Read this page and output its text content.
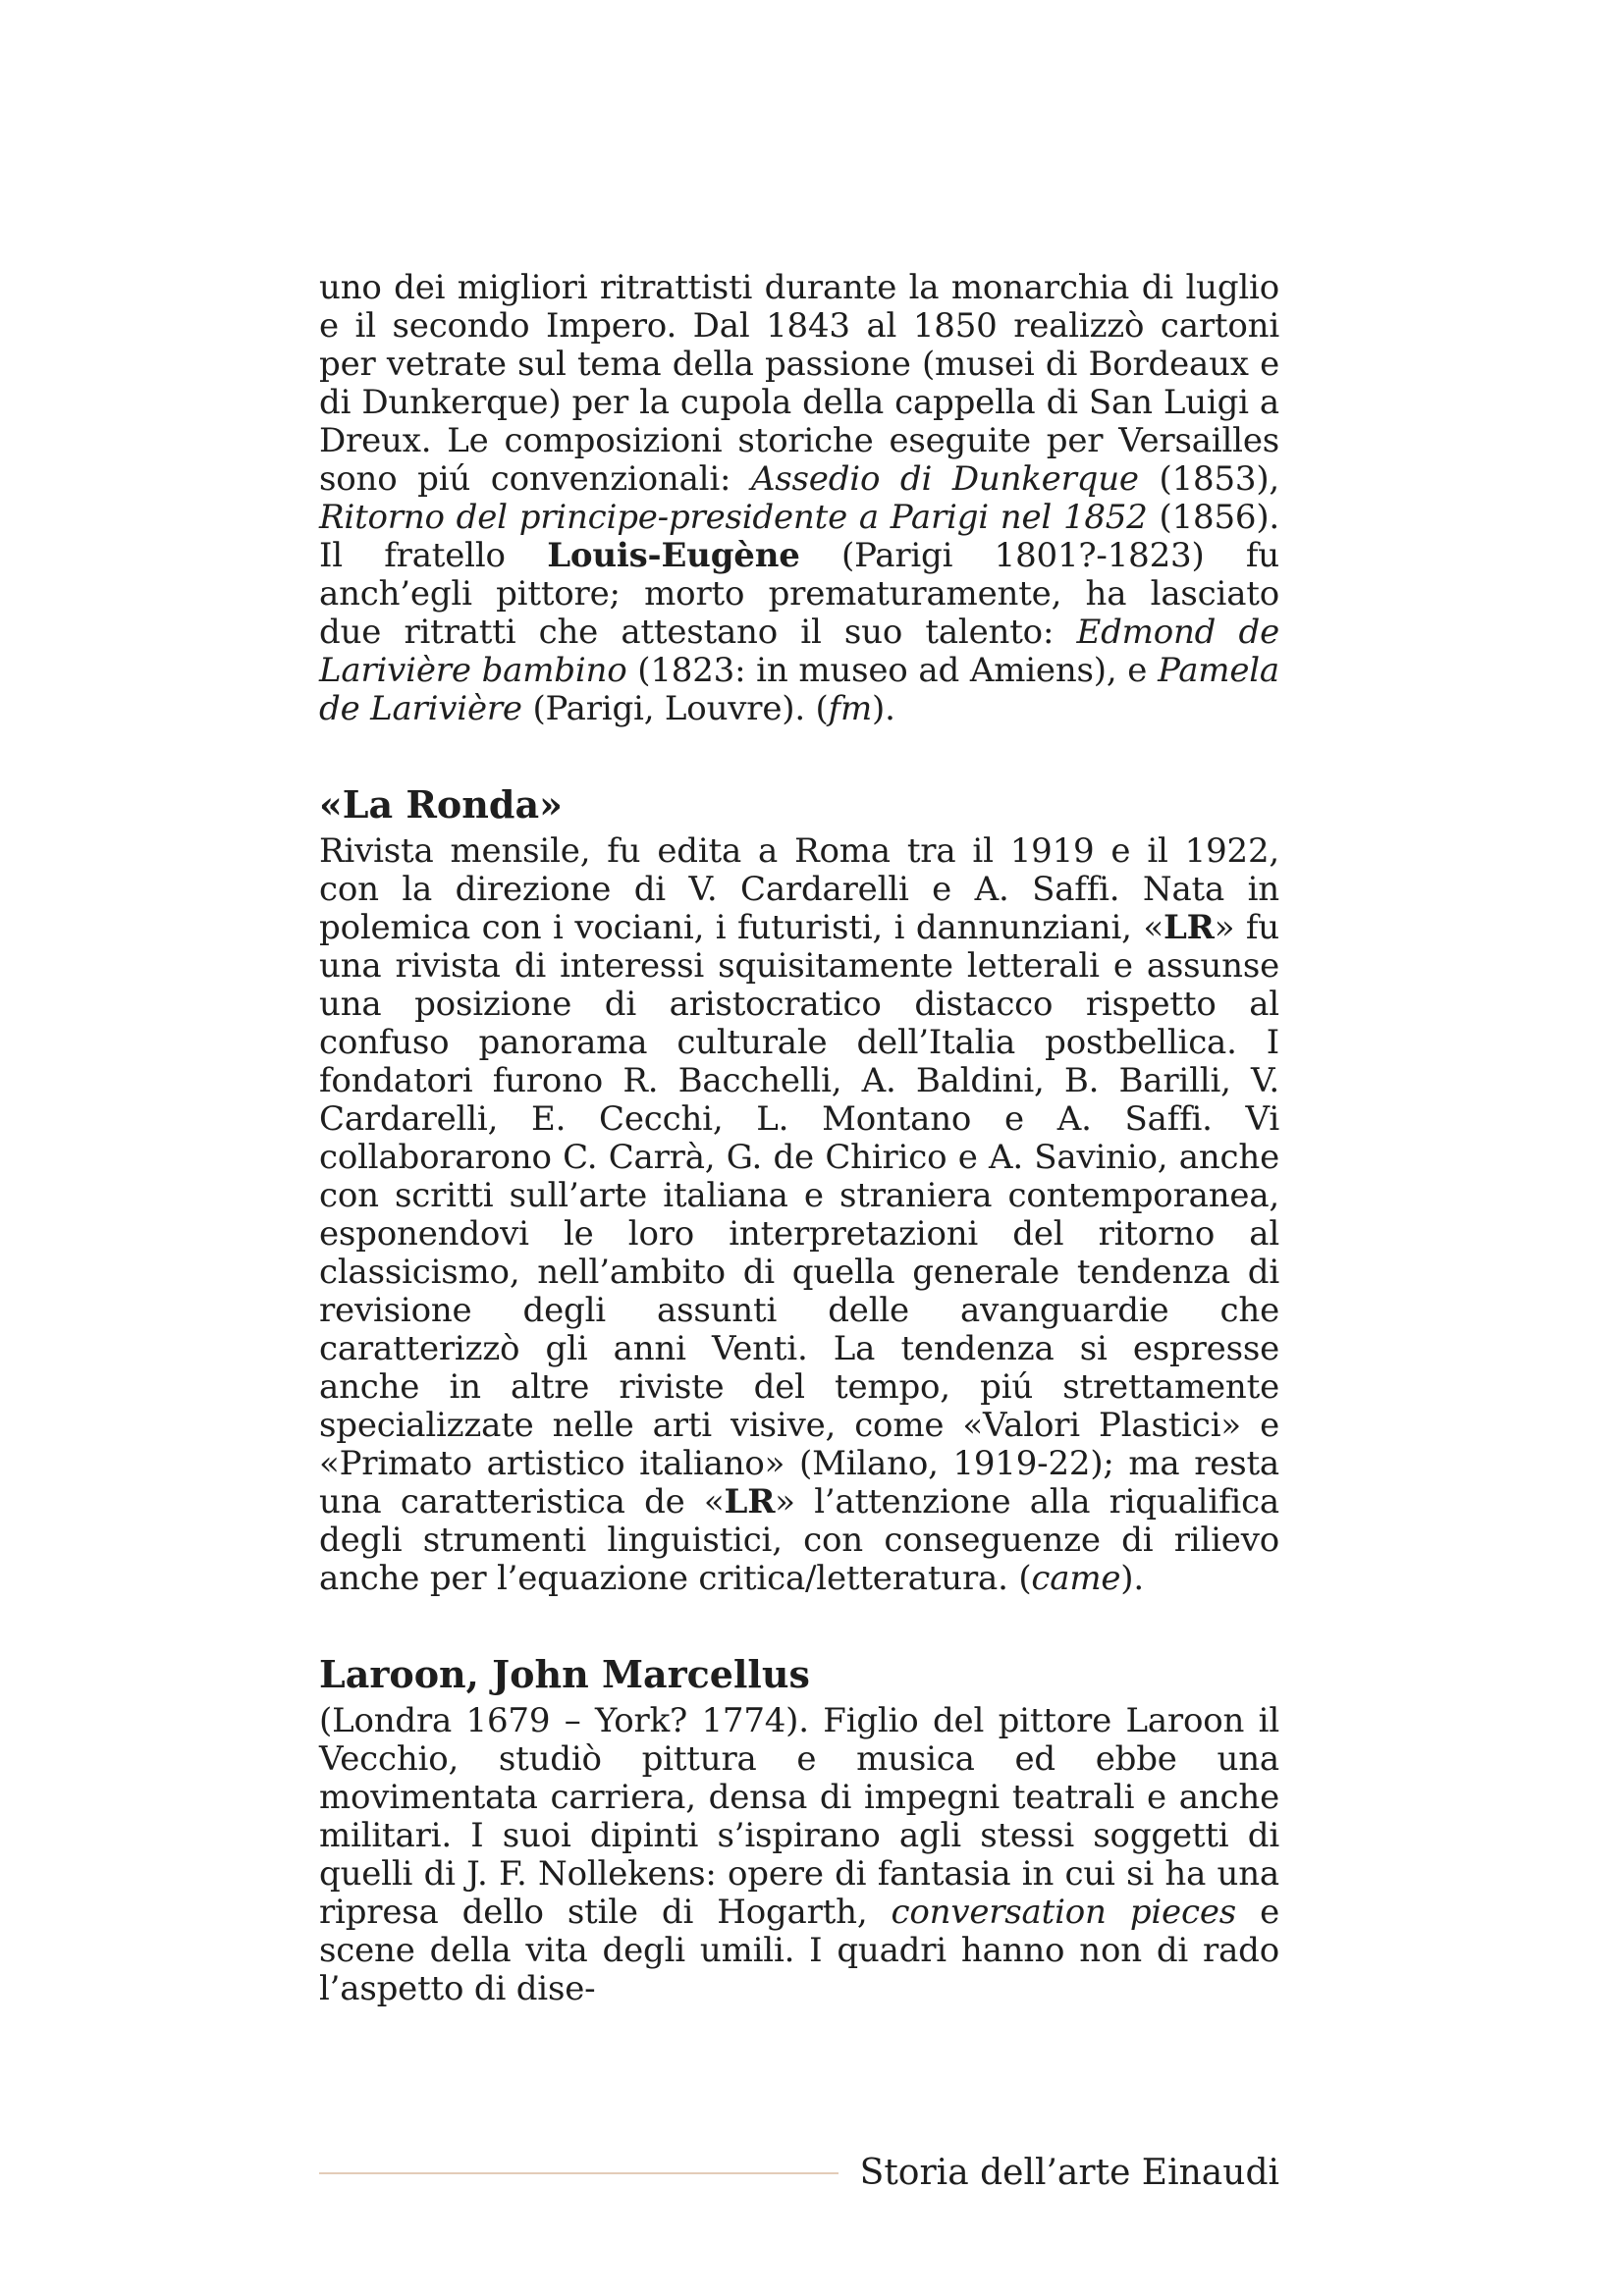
uno dei migliori ritrattisti durante la monarchia di luglio e il secondo Impero. Dal 1843 al 1850 realizzò cartoni per vetrate sul tema della passione (musei di Bordeaux e di Dunkerque) per la cupola della cappella di San Luigi a Dreux. Le composizioni storiche eseguite per Versailles sono piú convenzionali: Assedio di Dunkerque (1853), Ritorno del principe-presidente a Parigi nel 1852 (1856). Il fratello Louis-Eugène (Parigi 1801?-1823) fu anch’egli pittore; morto prematuramente, ha lasciato due ritratti che attestano il suo talento: Edmond de Larivière bambino (1823: in museo ad Amiens), e Pamela de Larivière (Parigi, Louvre). (fm).

«La Ronda»

Rivista mensile, fu edita a Roma tra il 1919 e il 1922, con la direzione di V. Cardarelli e A. Saffi. Nata in polemica con i vociani, i futuristi, i dannunziani, «LR» fu una rivista di interessi squisitamente letterali e assunse una posizione di aristocratico distacco rispetto al confuso panorama culturale dell’Italia postbellica. I fondatori furono R. Bacchelli, A. Baldini, B. Barilli, V. Cardarelli, E. Cecchi, L. Montano e A. Saffi. Vi collaborarono C. Carrà, G. de Chirico e A. Savinio, anche con scritti sull’arte italiana e straniera contemporanea, esponendovi le loro interpretazioni del ritorno al classicismo, nell’ambito di quella generale tendenza di revisione degli assunti delle avanguardie che caratterizzò gli anni Venti. La tendenza si espresse anche in altre riviste del tempo, piú strettamente specializzate nelle arti visive, come «Valori Plastici» e «Primato artistico italiano» (Milano, 1919-22); ma resta una caratteristica de «LR» l’attenzione alla riqualifica degli strumenti linguistici, con conseguenze di rilievo anche per l’equazione critica/letteratura. (came).

Laroon, John Marcellus

(Londra 1679 – York? 1774). Figlio del pittore Laroon il Vecchio, studiò pittura e musica ed ebbe una movimentata carriera, densa di impegni teatrali e anche militari. I suoi dipinti s’ispirano agli stessi soggetti di quelli di J. F. Nollekens: opere di fantasia in cui si ha una ripresa dello stile di Hogarth, conversation pieces e scene della vita degli umili. I quadri hanno non di rado l’aspetto di dise-

Storia dell’arte Einaudi
